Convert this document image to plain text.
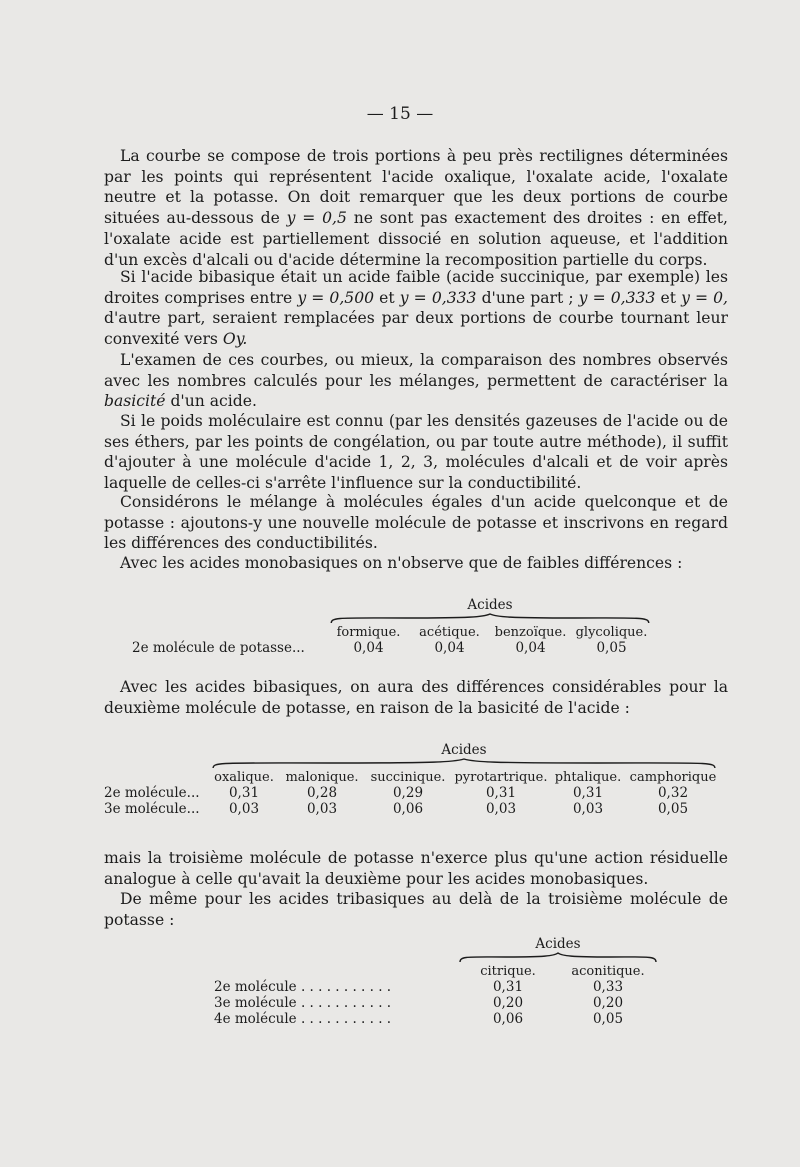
— 15 —

La courbe se compose de trois portions à peu près rectilignes déterminées par les points qui représentent l'acide oxalique, l'oxalate acide, l'oxalate neutre et la potasse. On doit remarquer que les deux portions de courbe situées au-dessous de y = 0,5 ne sont pas exactement des droites : en effet, l'oxalate acide est partiellement dissocié en solution aqueuse, et l'addition d'un excès d'alcali ou d'acide détermine la recomposition partielle du corps.

Si l'acide bibasique était un acide faible (acide succinique, par exemple) les droites comprises entre y = 0,500 et y = 0,333 d'une part ; y = 0,333 et y = 0, d'autre part, seraient remplacées par deux portions de courbe tournant leur convexité vers Oy.

L'examen de ces courbes, ou mieux, la comparaison des nombres observés avec les nombres calculés pour les mélanges, permettent de caractériser la basicité d'un acide.

Si le poids moléculaire est connu (par les densités gazeuses de l'acide ou de ses éthers, par les points de congélation, ou par toute autre méthode), il suffit d'ajouter à une molécule d'acide 1, 2, 3, molécules d'alcali et de voir après laquelle de celles-ci s'arrête l'influence sur la conductibilité.

Considérons le mélange à molécules égales d'un acide quelconque et de potasse : ajoutons-y une nouvelle molécule de potasse et inscrivons en regard les différences des conductibilités.

Avec les acides monobasiques on n'observe que de faibles différences :

	Acides			

	formique.	acétique.	benzoïque.	glycolique.
2e molécule de potasse...	0,04	0,04	0,04	0,05

Avec les acides bibasiques, on aura des différences considérables pour la deuxième molécule de potasse, en raison de la basicité de l'acide :

	Acides					

	oxalique.	malonique.	succinique.	pyrotartrique.	phtalique.	camphorique
2e molécule...	0,31	0,28	0,29	0,31	0,31	0,32
3e molécule...	0,03	0,03	0,06	0,03	0,03	0,05

mais la troisième molécule de potasse n'exerce plus qu'une action résiduelle analogue à celle qu'avait la deuxième pour les acides monobasiques.

De même pour les acides tribasiques au delà de la troisième molécule de potasse :

	Acides	

	citrique.	aconitique.
2e molécule . . . . . . . . . . .	0,31	0,33
3e molécule . . . . . . . . . . .	0,20	0,20
4e molécule . . . . . . . . . . .	0,06	0,05
